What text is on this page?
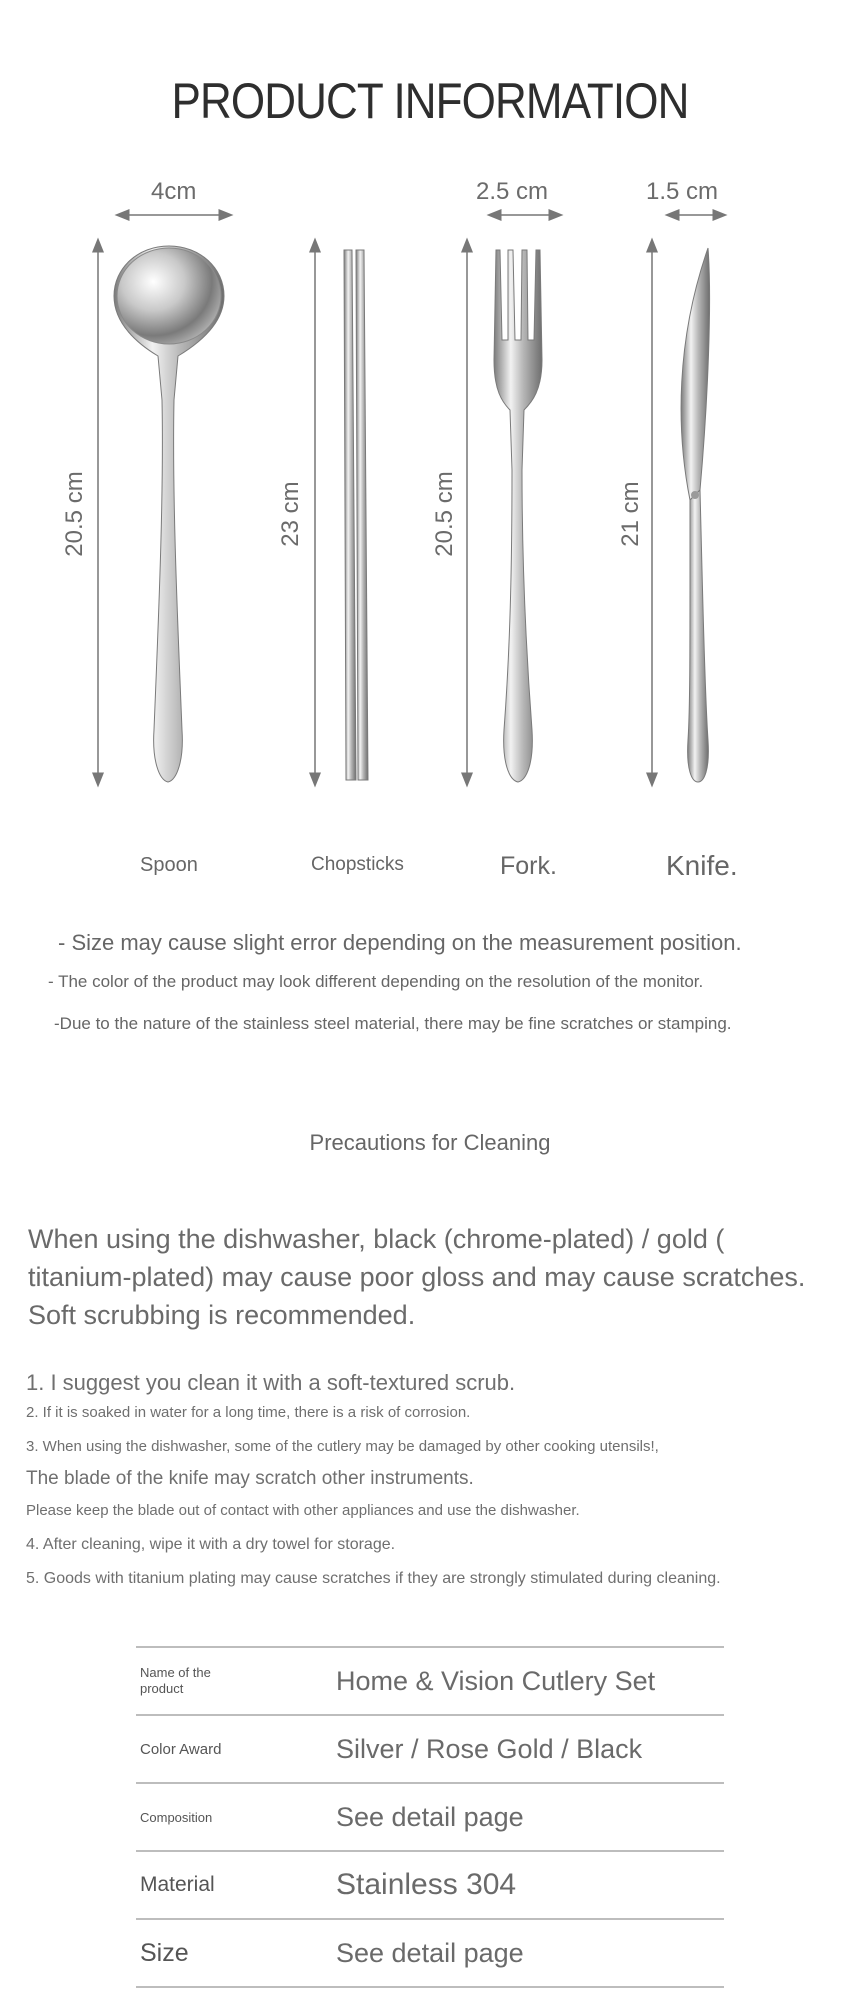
PRODUCT INFORMATION
4cm	2.5 cm	1.5 cm
20.5 cm	23 cm	20.5 cm	21 cm
Spoon	Chopsticks	Fork.	Knife.
- Size may cause slight error depending on the measurement position.
- The color of the product may look different depending on the resolution of the monitor.
-Due to the nature of the stainless steel material, there may be fine scratches or stamping.
Precautions for Cleaning
When using the dishwasher, black (chrome-plated) / gold ( titanium-plated) may cause poor gloss and may cause scratches. Soft scrubbing is recommended.
1. I suggest you clean it with a soft-textured scrub.
2. If it is soaked in water for a long time, there is a risk of corrosion.
3. When using the dishwasher, some of the cutlery may be damaged by other cooking utensils!,
The blade of the knife may scratch other instruments.
Please keep the blade out of contact with other appliances and use the dishwasher.
4. After cleaning, wipe it with a dry towel for storage.
5. Goods with titanium plating may cause scratches if they are strongly stimulated during cleaning.
Name of the product	Home & Vision Cutlery Set
Color Award	Silver / Rose Gold / Black
Composition	See detail page
Material	Stainless 304
Size	See detail page
